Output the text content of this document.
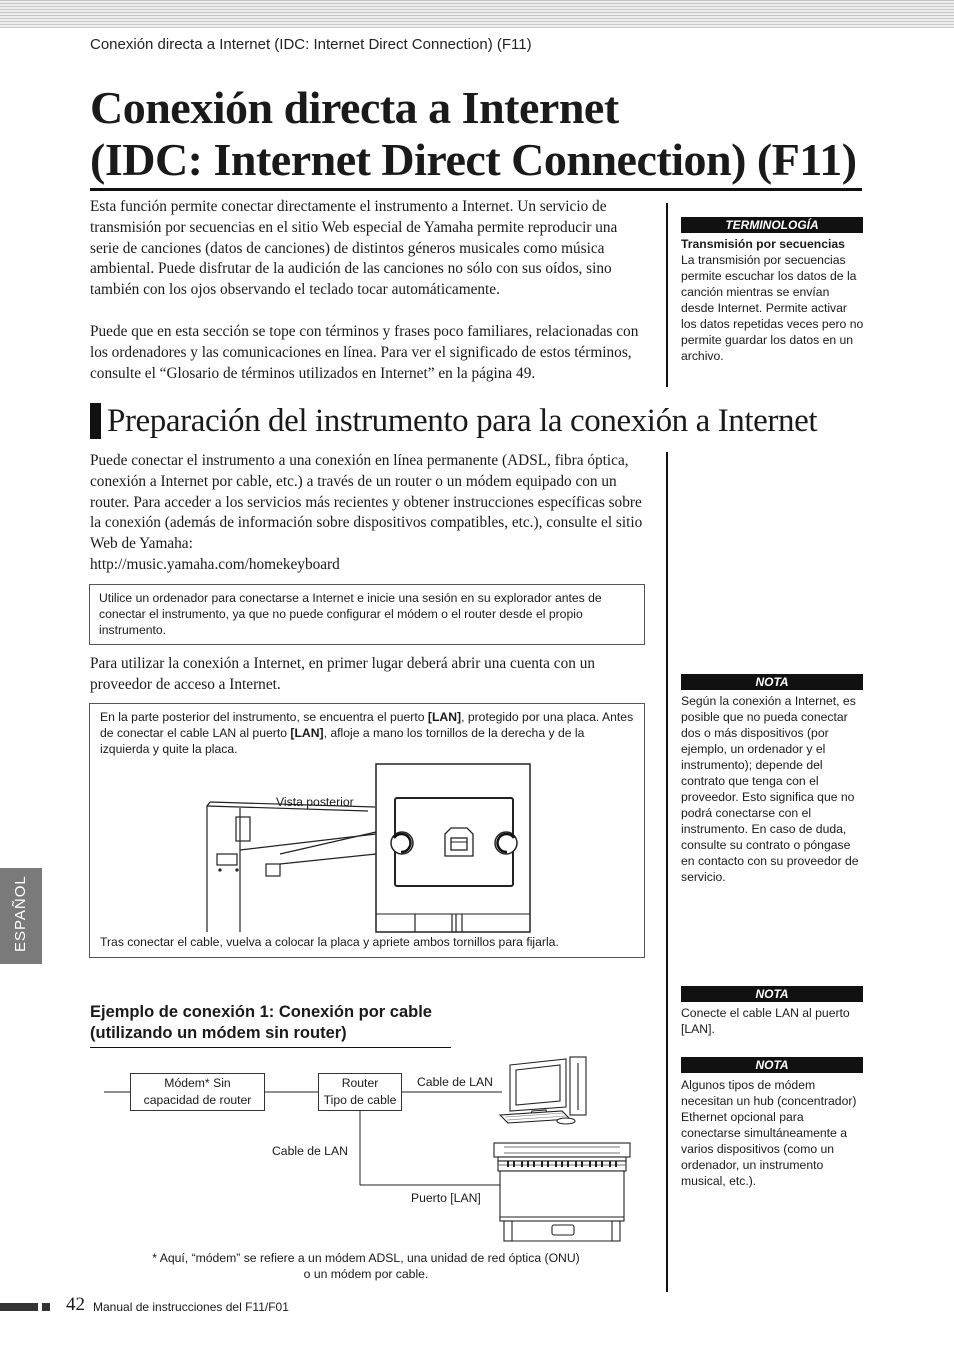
Conexión directa a Internet (IDC: Internet Direct Connection) (F11)
Conexión directa a Internet
(IDC: Internet Direct Connection) (F11)
Esta función permite conectar directamente el instrumento a Internet. Un servicio de transmisión por secuencias en el sitio Web especial de Yamaha permite reproducir una serie de canciones (datos de canciones) de distintos géneros musicales como música ambiental. Puede disfrutar de la audición de las canciones no sólo con sus oídos, sino también con los ojos observando el teclado tocar automáticamente.
Puede que en esta sección se tope con términos y frases poco familiares, relacionadas con los ordenadores y las comunicaciones en línea. Para ver el significado de estos términos, consulte el “Glosario de términos utilizados en Internet” en la página 49.
TERMINOLOGÍA
Transmisión por secuencias
La transmisión por secuencias permite escuchar los datos de la canción mientras se envían desde Internet. Permite activar los datos repetidas veces pero no permite guardar los datos en un archivo.
Preparación del instrumento para la conexión a Internet
Puede conectar el instrumento a una conexión en línea permanente (ADSL, fibra óptica, conexión a Internet por cable, etc.) a través de un router o un módem equipado con un router. Para acceder a los servicios más recientes y obtener instrucciones específicas sobre la conexión (además de información sobre dispositivos compatibles, etc.), consulte el sitio Web de Yamaha:
http://music.yamaha.com/homekeyboard
Utilice un ordenador para conectarse a Internet e inicie una sesión en su explorador antes de conectar el instrumento, ya que no puede configurar el módem o el router desde el propio instrumento.
Para utilizar la conexión a Internet, en primer lugar deberá abrir una cuenta con un proveedor de acceso a Internet.	NOTA
Según la conexión a Internet, es posible que no pueda conectar dos o más dispositivos (por ejemplo, un ordenador y el instrumento); depende del contrato que tenga con el proveedor. Esto significa que no podrá conectarse con el instrumento. En caso de duda, consulte su contrato o póngase en contacto con su proveedor de servicio.
En la parte posterior del instrumento, se encuentra el puerto [LAN], protegido por una placa. Antes de conectar el cable LAN al puerto [LAN], afloje a mano los tornillos de la derecha y de la izquierda y quite la placa.
Vista posterior
Tras conectar el cable, vuelva a colocar la placa y apriete ambos tornillos para fijarla.
ESPAÑOL
NOTA
Conecte el cable LAN al puerto [LAN].
NOTA
Algunos tipos de módem necesitan un hub (concentrador) Ethernet opcional para conectarse simultáneamente a varios dispositivos (como un ordenador, un instrumento musical, etc.).
Ejemplo de conexión 1: Conexión por cable
(utilizando un módem sin router)
Módem* Sin
capacidad de router
Router
Tipo de cable
Cable de LAN
Cable de LAN
Puerto [LAN]
* Aquí, “módem” se refiere a un módem ADSL, una unidad de red óptica (ONU)
o un módem por cable.
42 Manual de instrucciones del F11/F01
